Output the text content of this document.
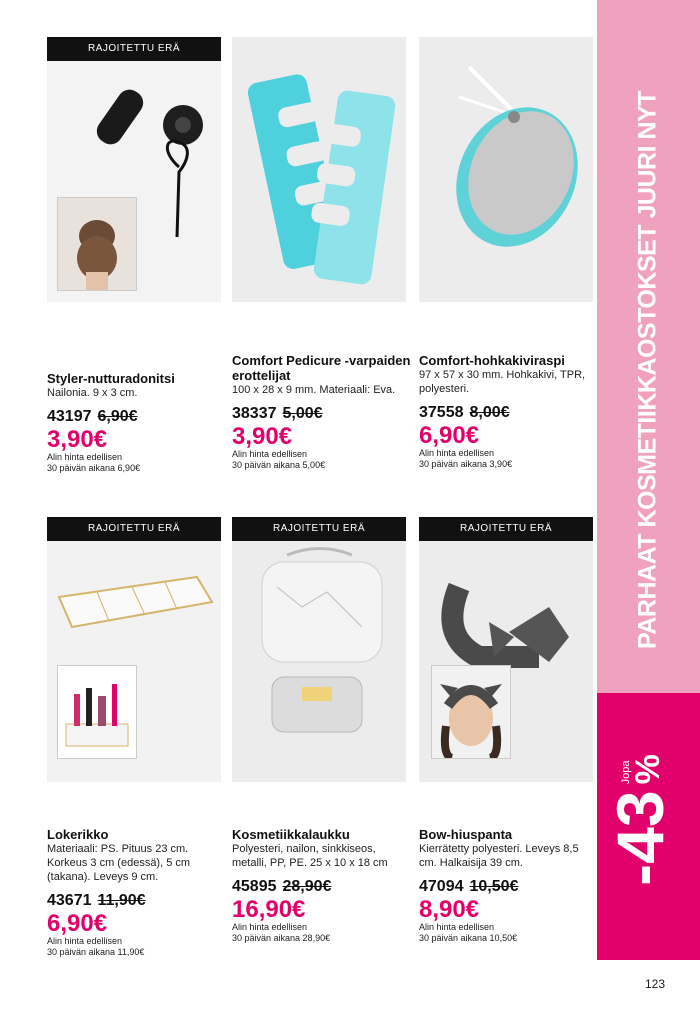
RAJOITETTU ERÄ
Styler-nutturadonitsi
Nailonia. 9 x 3 cm.
43197 6,90€
3,90€
Alin hinta edellisen
30 päivän aikana 6,90€
Comfort Pedicure -varpaiden erottelijat
100 x 28 x 9 mm. Materiaali: Eva.
38337 5,00€
3,90€
Alin hinta edellisen
30 päivän aikana 5,00€
Comfort-hohkakiviraspi
97 x 57 x 30 mm. Hohkakivi, TPR, polyesteri.
37558 8,00€
6,90€
Alin hinta edellisen
30 päivän aikana 3,90€
RAJOITETTU ERÄ
Lokerikko
Materiaali: PS. Pituus 23 cm. Korkeus 3 cm (edessä), 5 cm (takana). Leveys 9 cm.
43671 11,90€
6,90€
Alin hinta edellisen
30 päivän aikana 11,90€
RAJOITETTU ERÄ
Kosmetiikkalaukku
Polyesteri, nailon, sinkkiseos, metalli, PP, PE. 25 x 10 x 18 cm
45895 28,90€
16,90€
Alin hinta edellisen
30 päivän aikana 28,90€
RAJOITETTU ERÄ
Bow-hiuspanta
Kierrätetty polyesteri. Leveys 8,5 cm. Halkaisija 39 cm.
47094 10,50€
8,90€
Alin hinta edellisen
30 päivän aikana 10,50€
PARHAAT KOSMETIIKKAOSTOKSET JUURI NYT
-43
Jopa
%
123
